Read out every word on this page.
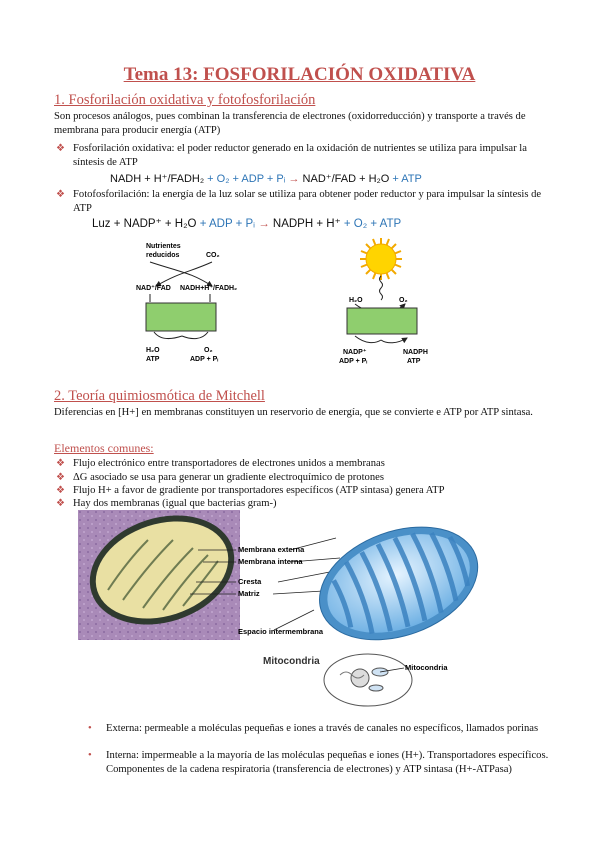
Tema 13: FOSFORILACIÓN OXIDATIVA
1. Fosforilación oxidativa y fotofosforilación
Son procesos análogos, pues combinan la transferencia de electrones (oxidorreducción) y transporte a través de membrana para producir energía (ATP)
❖ Fosforilación oxidativa: el poder reductor generado en la oxidación de nutrientes se utiliza para impulsar la síntesis de ATP
NADH + H⁺/FADH₂ + O₂ + ADP + Pᵢ → NAD⁺/FAD + H₂O + ATP
❖ Fotofosforilación: la energía de la luz solar se utiliza para obtener poder reductor y para impulsar la síntesis de ATP
Luz + NADP⁺ + H₂O + ADP + Pᵢ → NADPH + H⁺ + O₂ + ATP
Nutrientes
reducidos	CO₂
NAD⁺/FAD NADH+H⁺/FADH₂
H₂O
ATP
O₂
ADP + Pᵢ
H₂O	O₂
NADP⁺
ADP + Pᵢ
NADPH
ATP
2. Teoría quimiosmótica de Mitchell
Diferencias en [H+] en membranas constituyen un reservorio de energía, que se convierte e ATP por ATP sintasa.
Elementos comunes:
❖ Flujo electrónico entre transportadores de electrones unidos a membranas
❖ ΔG asociado se usa para generar un gradiente electroquímico de protones
❖ Flujo H+ a favor de gradiente por transportadores específicos (ATP sintasa) genera ATP
❖ Hay dos membranas (igual que bacterias gram-)
Membrana externa
Membrana interna
Cresta
Matriz
Espacio intermembrana
Mitocondria
Mitocondria
• Externa: permeable a moléculas pequeñas e iones a través de canales no específicos, llamados porinas
• Interna: impermeable a la mayoría de las moléculas pequeñas e iones (H+). Transportadores específicos. Componentes de la cadena respiratoria (transferencia de electrones) y ATP sintasa (H+-ATPasa)
